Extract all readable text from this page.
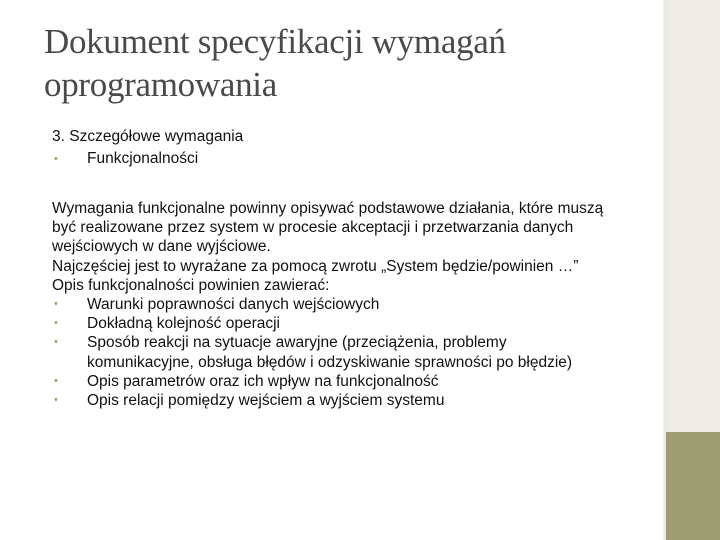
Dokument specyfikacji wymagań oprogramowania
3. Szczegółowe wymagania
•	Funkcjonalności

Wymagania funkcjonalne powinny opisywać podstawowe działania, które muszą być realizowane przez system w procesie akceptacji i przetwarzania danych wejściowych w dane wyjściowe.

Najczęściej jest to wyrażane za pomocą zwrotu „System będzie/powinien …”

Opis funkcjonalności powinien zawierać:

•	Warunki poprawności danych wejściowych
•	Dokładną kolejność operacji
•	Sposób reakcji na sytuacje awaryjne (przeciążenia, problemy komunikacyjne, obsługa błędów i odzyskiwanie sprawności po błędzie)
•	Opis parametrów oraz ich wpływ na funkcjonalność
•	Opis relacji pomiędzy wejściem a wyjściem systemu
